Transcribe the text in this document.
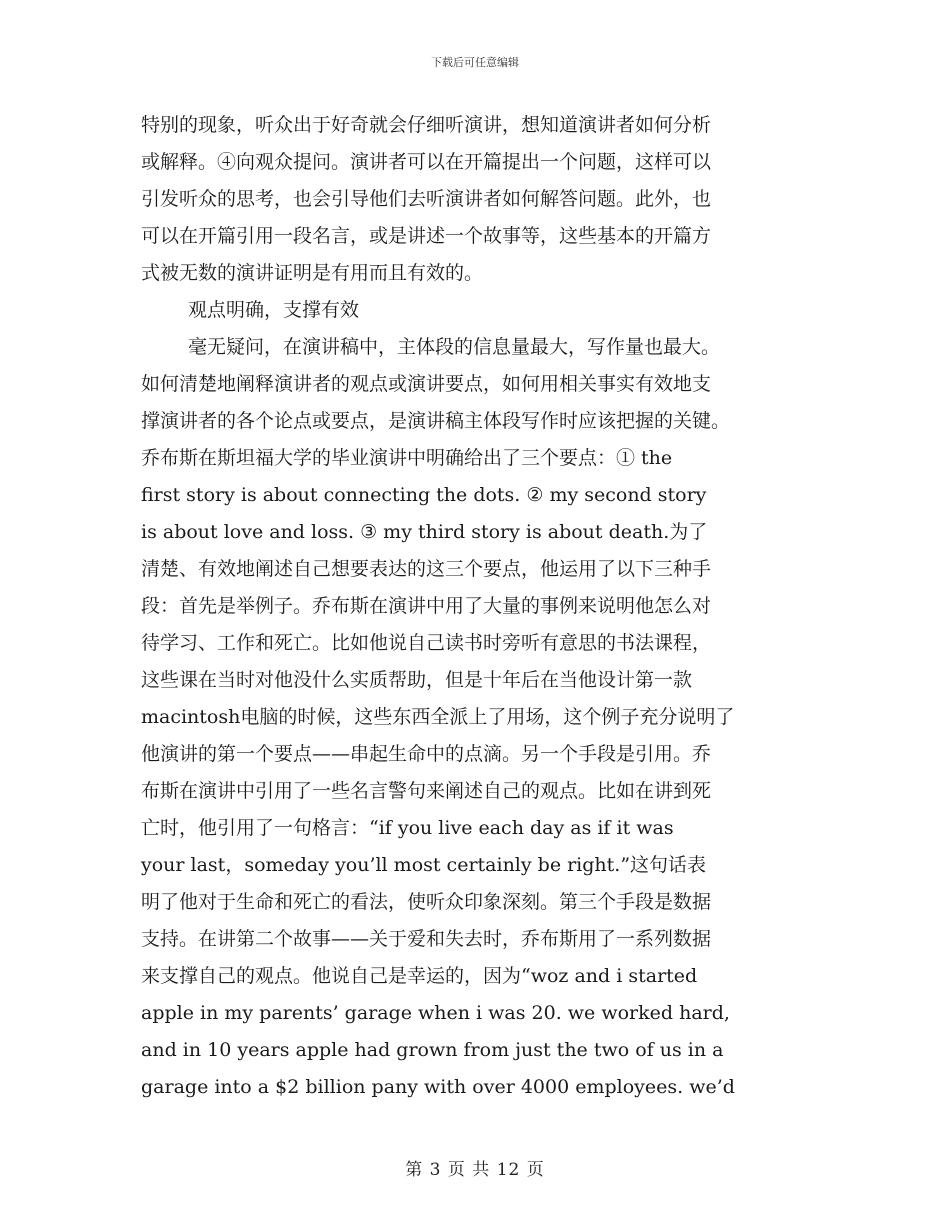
下载后可任意编辑
特别的现象，听众出于好奇就会仔细听演讲，想知道演讲者如何分析
或解释。④向观众提问。演讲者可以在开篇提出一个问题，这样可以
引发听众的思考，也会引导他们去听演讲者如何解答问题。此外，也
可以在开篇引用一段名言，或是讲述一个故事等，这些基本的开篇方
式被无数的演讲证明是有用而且有效的。
观点明确，支撑有效
毫无疑问，在演讲稿中，主体段的信息量最大，写作量也最大。
如何清楚地阐释演讲者的观点或演讲要点，如何用相关事实有效地支
撑演讲者的各个论点或要点，是演讲稿主体段写作时应该把握的关键。
乔布斯在斯坦福大学的毕业演讲中明确给出了三个要点：① the
first story is about connecting the dots. ② my second story
is about love and loss. ③ my third story is about death.为了
清楚、有效地阐述自己想要表达的这三个要点，他运用了以下三种手
段：首先是举例子。乔布斯在演讲中用了大量的事例来说明他怎么对
待学习、工作和死亡。比如他说自己读书时旁听有意思的书法课程，
这些课在当时对他没什么实质帮助，但是十年后在当他设计第一款
macintosh电脑的时候，这些东西全派上了用场，这个例子充分说明了
他演讲的第一个要点——串起生命中的点滴。另一个手段是引用。乔
布斯在演讲中引用了一些名言警句来阐述自己的观点。比如在讲到死
亡时，他引用了一句格言：“if you live each day as if it was
your last，someday you’ll most certainly be right.”这句话表
明了他对于生命和死亡的看法，使听众印象深刻。第三个手段是数据
支持。在讲第二个故事——关于爱和失去时，乔布斯用了一系列数据
来支撑自己的观点。他说自己是幸运的，因为“woz and i started
apple in my parents’ garage when i was 20. we worked hard,
and in 10 years apple had grown from just the two of us in a
garage into a $2 billion pany with over 4000 employees. we’d
第 3 页 共 12 页
